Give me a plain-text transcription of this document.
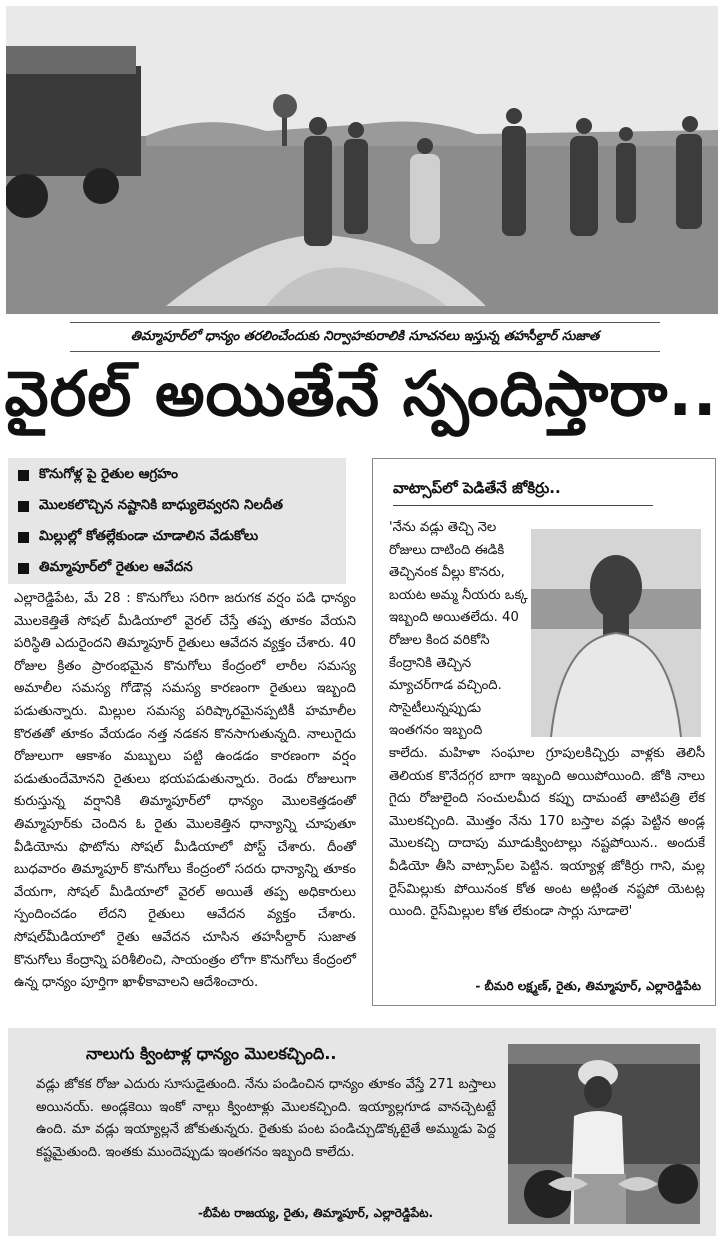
తిమ్మాపూర్‌లో ధాన్యం తరలించేందుకు నిర్వాహకురాలికి సూచనలు ఇస్తున్న తహసీల్దార్ సుజాత
వైరల్ అయితేనే స్పందిస్తారా..
కొనుగోళ్ల పై రైతుల ఆగ్రహం
మొలకలొచ్చిన నష్టానికి బాధ్యులెవ్వరని నిలదీత
మిల్లుల్లో కోతల్లేకుండా చూడాలిన వేడుకోలు
తిమ్మాపూర్‌లో రైతుల ఆవేదన
ఎల్లారెడ్డిపేట, మే 28 : కొనుగోలు సరిగా జరుగక వర్షం పడి ధాన్యం మొలకెత్తితే సోషల్ మీడియాలో వైరల్ చేస్తే తప్ప తూకం వేయని పరిస్థితి ఎదురైందని తిమ్మాపూర్ రైతులు ఆవేదన వ్యక్తం చేశారు. 40 రోజుల క్రితం ప్రారంభమైన కొనుగోలు కేంద్రంలో లారీల సమస్య అమాలీల సమస్య గోడౌన్ల సమస్య కారణంగా రైతులు ఇబ్బంది పడుతున్నారు. మిల్లుల సమస్య పరిష్కారమైనప్పటికీ హమాలీల కొరతతో తూకం వేయడం నత్త నడకన కొనసాగుతున్నది. నాలుగైదు రోజులుగా ఆకాశం మబ్బులు పట్టి ఉండడం కారణంగా వర్షం పడుతుందేమోనని రైతులు భయపడుతున్నారు. రెండు రోజులుగా కురుస్తున్న వర్షానికి తిమ్మాపూర్‌లో ధాన్యం మొలకెత్తడంతో తిమ్మాపూర్‌కు చెందిన ఓ రైతు మొలకెత్తిన ధాన్యాన్ని చూపుతూ వీడియోను ఫొటోను సోషల్ మీడియాలో పోస్ట్ చేశారు. దీంతో బుధవారం తిమ్మాపూర్ కొనుగోలు కేంద్రంలో సదరు ధాన్యాన్ని తూకం వేయగా, సోషల్ మీడియాలో వైరల్ అయితే తప్ప అధికారులు స్పందించడం లేదని రైతులు ఆవేదన వ్యక్తం చేశారు. సోషల్‌మీడియాలో రైతు ఆవేదన చూసిన తహసీల్దార్ సుజాత కొనుగోలు కేంద్రాన్ని పరిశీలించి, సాయంత్రం లోగా కొనుగోలు కేంద్రంలో ఉన్న ధాన్యం పూర్తిగా ఖాళీకావాలని ఆదేశించారు.
వాట్సాప్‌లో పెడితేనే జోకిర్రు..
'నేను వడ్లు తెచ్చి నెల రోజులు దాటింది ఈడికి తెచ్చినంక వీల్లు కొనరు, బయట అమ్మ నీయరు ఒక్క ఇబ్బంది అయితలేదు. 40 రోజుల కింద వరికోసి కేంద్రానికి తెచ్చిన మ్యాచర్‌గాడ వచ్చింది. సొసైటీలున్నప్పుడు ఇంతగనం ఇబ్బంది
కాలేదు. మహిళా సంఘాల గ్రూపులకిచ్చిర్రు వాళ్లకు తెలిసీ తెలియక కొనేదగ్గర బాగా ఇబ్బంది అయిపోయింది. జోకి నాలు గైదు రోజులైంది సంచులమీద కప్పు దామంటే తాటిపత్రి లేక మొలకచ్చింది. మొత్తం నేను 170 బస్తాల వడ్లు పెట్టిన అండ్ల మొలకచ్చి దాదాపు మూడుక్వింటాల్లు నష్టపోయిన.. అందుకే వీడియో తీసి వాట్సాప్‌ల పెట్టిన. ఇయ్యాళ్ల జోకిర్రు గాని, మల్ల రైస్‌మిల్లుకు పోయినంక కోత అంట అట్లింత నష్టపో యెటట్ల యింది. రైస్‌మిల్లుల కోత లేకుండా సార్లు సూడాలె'
- బీమరి లక్ష్మణ్, రైతు, తిమ్మాపూర్, ఎల్లారెడ్డిపేట
నాలుగు క్వింటాళ్ల ధాన్యం మొలకచ్చింది..
వడ్లు జోకక రోజు ఎదురు సూసుడైతుంది. నేను పండించిన ధాన్యం తూకం వేస్తే 271 బస్తాలు అయినయ్. అండ్లకెయి ఇంకో నాల్గు క్వింటాళ్లు మొలకచ్చింది. ఇయ్యాల్లగూడ వానచ్చెటట్టే ఉంది. మా వడ్లు ఇయ్యాల్లనే జోకుతున్నరు. రైతుకు పంట పండిచ్చుడొక్కటైతే అమ్ముడు పెద్ద కష్టమైతుంది. ఇంతకు ముందెప్పుడు ఇంతగనం ఇబ్బంది కాలేదు.
-బీపేట రాజయ్య, రైతు, తిమ్మాపూర్, ఎల్లారెడ్డిపేట.
